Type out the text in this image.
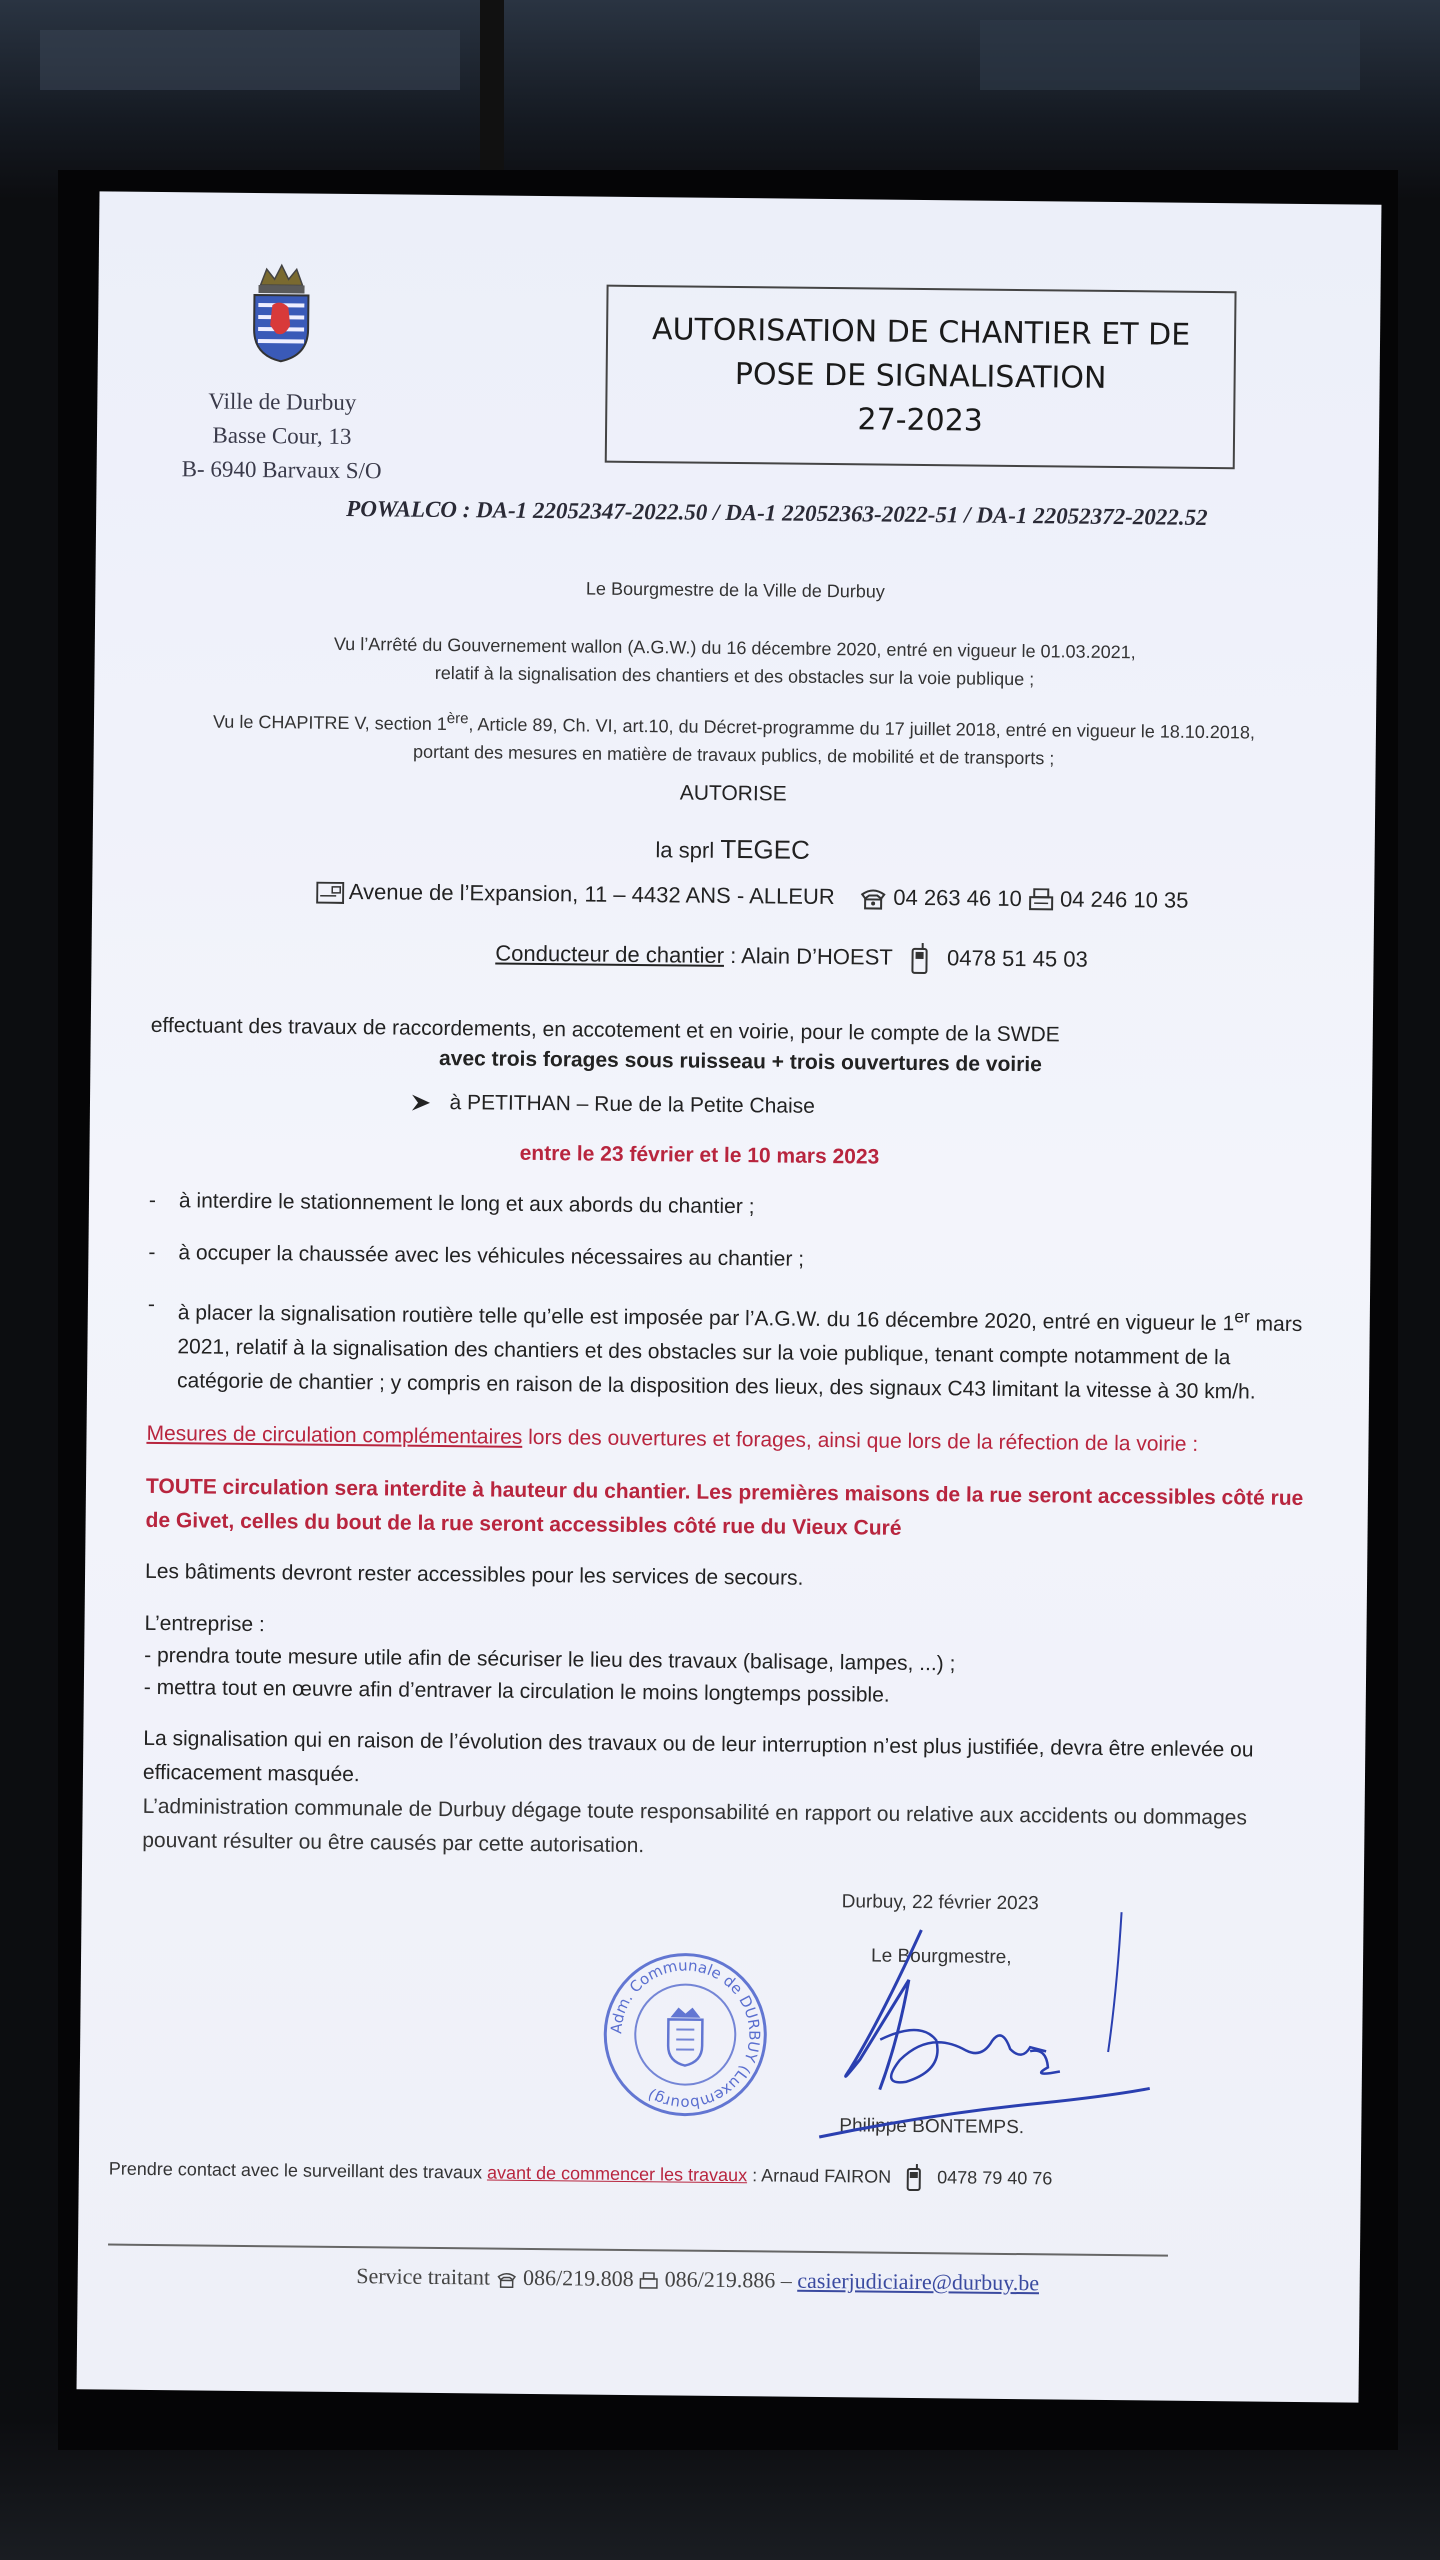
Ville de Durbuy
Basse Cour, 13
B- 6940 Barvaux S/O
AUTORISATION DE CHANTIER ET DE
POSE DE SIGNALISATION
27-2023
POWALCO : DA-1 22052347-2022.50 / DA-1 22052363-2022-51 / DA-1 22052372-2022.52
Le Bourgmestre de la Ville de Durbuy
Vu l’Arrêté du Gouvernement wallon (A.G.W.) du 16 décembre 2020, entré en vigueur le 01.03.2021,
relatif à la signalisation des chantiers et des obstacles sur la voie publique ;
Vu le CHAPITRE V, section 1ère, Article 89, Ch. VI, art.10, du Décret-programme du 17 juillet 2018, entré en vigueur le 18.10.2018,
portant des mesures en matière de travaux publics, de mobilité et de transports ;
AUTORISE
la sprl TEGEC
Avenue de l’Expansion, 11 – 4432 ANS - ALLEUR	04 263 46 10 04 246 10 35
Conducteur de chantier : Alain D’HOEST 0478 51 45 03
effectuant des travaux de raccordements, en accotement et en voirie, pour le compte de la SWDE
avec trois forages sous ruisseau + trois ouvertures de voirie
à PETITHAN – Rue de la Petite Chaise
entre le 23 février et le 10 mars 2023
-	à interdire le stationnement le long et aux abords du chantier ;
-	à occuper la chaussée avec les véhicules nécessaires au chantier ;
-	à placer la signalisation routière telle qu’elle est imposée par l’A.G.W. du 16 décembre 2020, entré en vigueur le 1er mars 2021, relatif à la signalisation des chantiers et des obstacles sur la voie publique, tenant compte notamment de la catégorie de chantier ; y compris en raison de la disposition des lieux, des signaux C43 limitant la vitesse à 30 km/h.
Mesures de circulation complémentaires lors des ouvertures et forages, ainsi que lors de la réfection de la voirie :
TOUTE circulation sera interdite à hauteur du chantier. Les premières maisons de la rue seront accessibles côté rue de Givet, celles du bout de la rue seront accessibles côté rue du Vieux Curé
Les bâtiments devront rester accessibles pour les services de secours.
L’entreprise :
- prendra toute mesure utile afin de sécuriser le lieu des travaux (balisage, lampes, ...) ;
- mettra tout en œuvre afin d’entraver la circulation le moins longtemps possible.
La signalisation qui en raison de l’évolution des travaux ou de leur interruption n’est plus justifiée, devra être enlevée ou efficacement masquée.
L’administration communale de Durbuy dégage toute responsabilité en rapport ou relative aux accidents ou dommages pouvant résulter ou être causés par cette autorisation.
Durbuy, 22 février 2023
Le Bourgmestre,
Philippe BONTEMPS.
Adm. Communale de DURBUY (Luxembourg)
Prendre contact avec le surveillant des travaux avant de commencer les travaux : Arnaud FAIRON	0478 79 40 76
Service traitant 086/219.808 086/219.886 – casierjudiciaire@durbuy.be
